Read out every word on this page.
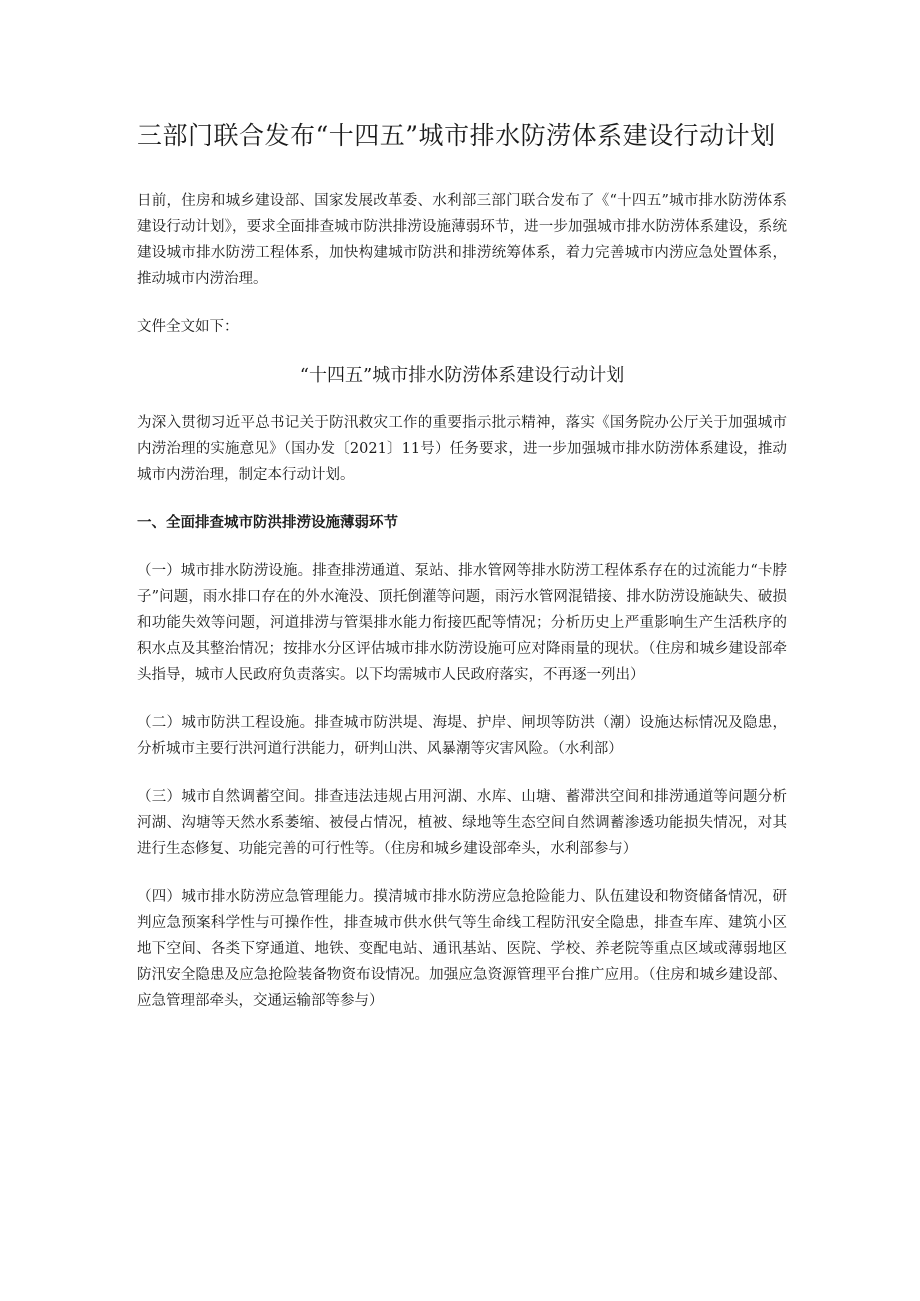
三部门联合发布“十四五”城市排水防涝体系建设行动计划

日前，住房和城乡建设部、国家发展改革委、水利部三部门联合发布了《“十四五”城市排水防涝体系建设行动计划》，要求全面排查城市防洪排涝设施薄弱环节，进一步加强城市排水防涝体系建设，系统建设城市排水防涝工程体系，加快构建城市防洪和排涝统筹体系，着力完善城市内涝应急处置体系，推动城市内涝治理。

文件全文如下：

“十四五”城市排水防涝体系建设行动计划

为深入贯彻习近平总书记关于防汛救灾工作的重要指示批示精神，落实《国务院办公厅关于加强城市内涝治理的实施意见》（国办发〔2021〕11号）任务要求，进一步加强城市排水防涝体系建设，推动城市内涝治理，制定本行动计划。

一、全面排查城市防洪排涝设施薄弱环节

（一）城市排水防涝设施。排查排涝通道、泵站、排水管网等排水防涝工程体系存在的过流能力“卡脖子”问题，雨水排口存在的外水淹没、顶托倒灌等问题，雨污水管网混错接、排水防涝设施缺失、破损和功能失效等问题，河道排涝与管渠排水能力衔接匹配等情况；分析历史上严重影响生产生活秩序的积水点及其整治情况；按排水分区评估城市排水防涝设施可应对降雨量的现状。（住房和城乡建设部牵头指导，城市人民政府负责落实。以下均需城市人民政府落实，不再逐一列出）

（二）城市防洪工程设施。排查城市防洪堤、海堤、护岸、闸坝等防洪（潮）设施达标情况及隐患，分析城市主要行洪河道行洪能力，研判山洪、风暴潮等灾害风险。（水利部）

（三）城市自然调蓄空间。排查违法违规占用河湖、水库、山塘、蓄滞洪空间和排涝通道等问题分析河湖、沟塘等天然水系萎缩、被侵占情况，植被、绿地等生态空间自然调蓄渗透功能损失情况，对其进行生态修复、功能完善的可行性等。（住房和城乡建设部牵头，水利部参与）

（四）城市排水防涝应急管理能力。摸清城市排水防涝应急抢险能力、队伍建设和物资储备情况，研判应急预案科学性与可操作性，排查城市供水供气等生命线工程防汛安全隐患，排查车库、建筑小区地下空间、各类下穿通道、地铁、变配电站、通讯基站、医院、学校、养老院等重点区域或薄弱地区防汛安全隐患及应急抢险装备物资布设情况。加强应急资源管理平台推广应用。（住房和城乡建设部、应急管理部牵头，交通运输部等参与）
